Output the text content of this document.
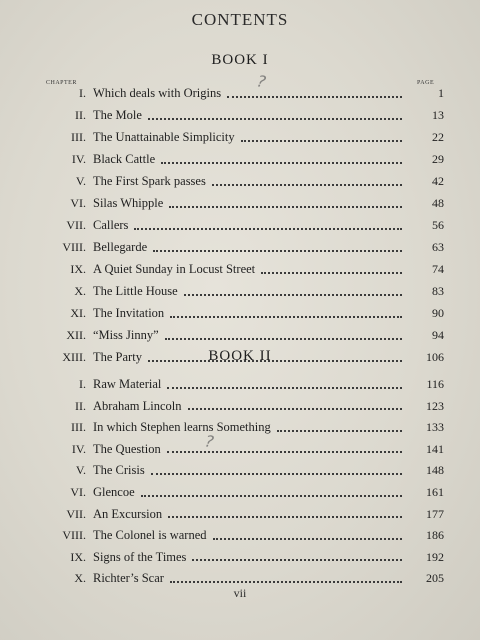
CONTENTS
BOOK I
CHAPTER	PAGE
?
I. Which deals with Origins	1
II. The Mole	13
III. The Unattainable Simplicity	22
IV. Black Cattle	29
V. The First Spark passes	42
VI. Silas Whipple	48
VII. Callers	56
VIII. Bellegarde	63
IX. A Quiet Sunday in Locust Street	74
X. The Little House	83
XI. The Invitation	90
XII. “Miss Jinny”	94
XIII. The Party	106
BOOK II
?
I. Raw Material	116
II. Abraham Lincoln	123
III. In which Stephen learns Something	133
IV. The Question	141
V. The Crisis	148
VI. Glencoe	161
VII. An Excursion	177
VIII. The Colonel is warned	186
IX. Signs of the Times	192
X. Richter’s Scar	205
vii
